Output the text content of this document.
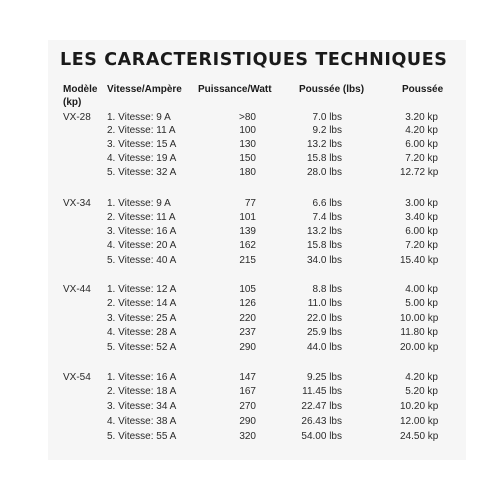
LES CARACTERISTIQUES TECHNIQUES
Modèle Vitesse/Ampère Puissance/Watt	Poussée (lbs)	Poussée
(kp)
VX-28 1. Vitesse: 9 A	>80	7.0 lbs	3.20 kp
2. Vitesse: 11 A	100	9.2 lbs	4.20 kp
3. Vitesse: 15 A	130	13.2 lbs	6.00 kp
4. Vitesse: 19 A	150	15.8 lbs	7.20 kp
5. Vitesse: 32 A	180	28.0 lbs	12.72 kp
VX-34 1. Vitesse: 9 A	77	6.6 lbs	3.00 kp
2. Vitesse: 11 A	101	7.4 lbs	3.40 kp
3. Vitesse: 16 A	139	13.2 lbs	6.00 kp
4. Vitesse: 20 A	162	15.8 lbs	7.20 kp
5. Vitesse: 40 A	215	34.0 lbs	15.40 kp
VX-44 1. Vitesse: 12 A	105	8.8 lbs	4.00 kp
2. Vitesse: 14 A	126	11.0 lbs	5.00 kp
3. Vitesse: 25 A	220	22.0 lbs	10.00 kp
4. Vitesse: 28 A	237	25.9 lbs	11.80 kp
5. Vitesse: 52 A	290	44.0 lbs	20.00 kp
VX-54 1. Vitesse: 16 A	147	9.25 lbs	4.20 kp
2. Vitesse: 18 A	167	11.45 lbs	5.20 kp
3. Vitesse: 34 A	270	22.47 lbs	10.20 kp
4. Vitesse: 38 A	290	26.43 lbs	12.00 kp
5. Vitesse: 55 A	320	54.00 lbs	24.50 kp
